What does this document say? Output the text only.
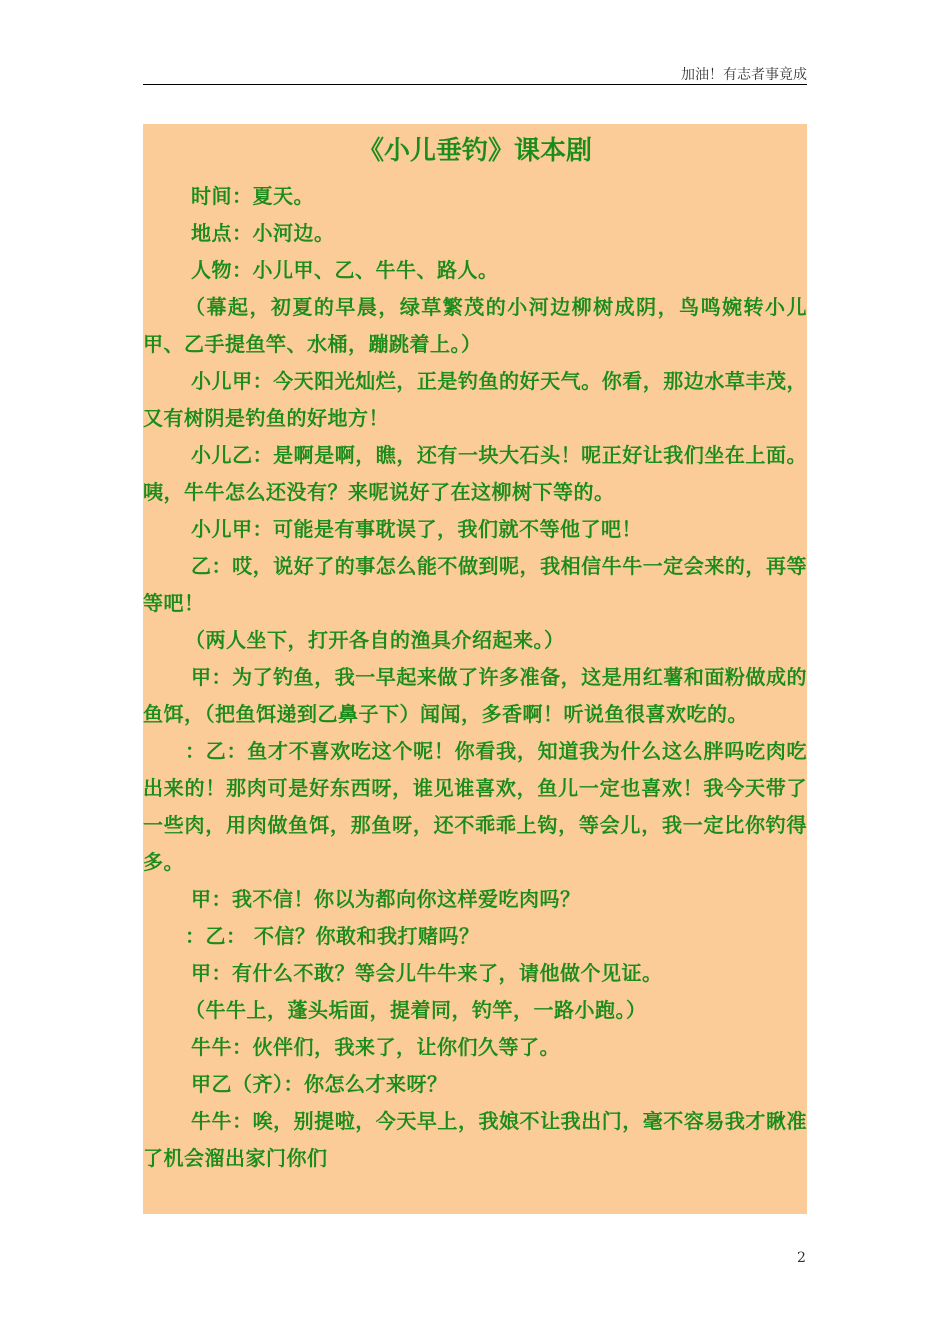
加油！有志者事竟成
《小儿垂钓》课本剧

时间：夏天。

地点：小河边。

人物：小儿甲、乙、牛牛、路人。

（幕起，初夏的早晨，绿草繁茂的小河边柳树成阴，鸟鸣婉转小儿甲、乙手提鱼竿、水桶，蹦跳着上。）

小儿甲：今天阳光灿烂，正是钓鱼的好天气。你看，那边水草丰茂，又有树阴是钓鱼的好地方！

小儿乙：是啊是啊，瞧，还有一块大石头！呢正好让我们坐在上面。咦，牛牛怎么还没有？来呢说好了在这柳树下等的。

小儿甲：可能是有事耽误了，我们就不等他了吧！

乙：哎，说好了的事怎么能不做到呢，我相信牛牛一定会来的，再等等吧！

（两人坐下，打开各自的渔具介绍起来。）

甲：为了钓鱼，我一早起来做了许多准备，这是用红薯和面粉做成的鱼饵，（把鱼饵递到乙鼻子下）闻闻，多香啊！听说鱼很喜欢吃的。

：乙：鱼才不喜欢吃这个呢！你看我，知道我为什么这么胖吗吃肉吃出来的！那肉可是好东西呀，谁见谁喜欢，鱼儿一定也喜欢！我今天带了一些肉，用肉做鱼饵，那鱼呀，还不乖乖上钩，等会儿，我一定比你钓得多。

甲：我不信！你以为都向你这样爱吃肉吗？

：乙： 不信？你敢和我打赌吗？

甲：有什么不敢？等会儿牛牛来了，请他做个见证。

（牛牛上，蓬头垢面，提着同，钓竿，一路小跑。）

牛牛：伙伴们，我来了，让你们久等了。

甲乙（齐）：你怎么才来呀？

牛牛：唉，别提啦，今天早上，我娘不让我出门，毫不容易我才瞅准了机会溜出家门你们

2
